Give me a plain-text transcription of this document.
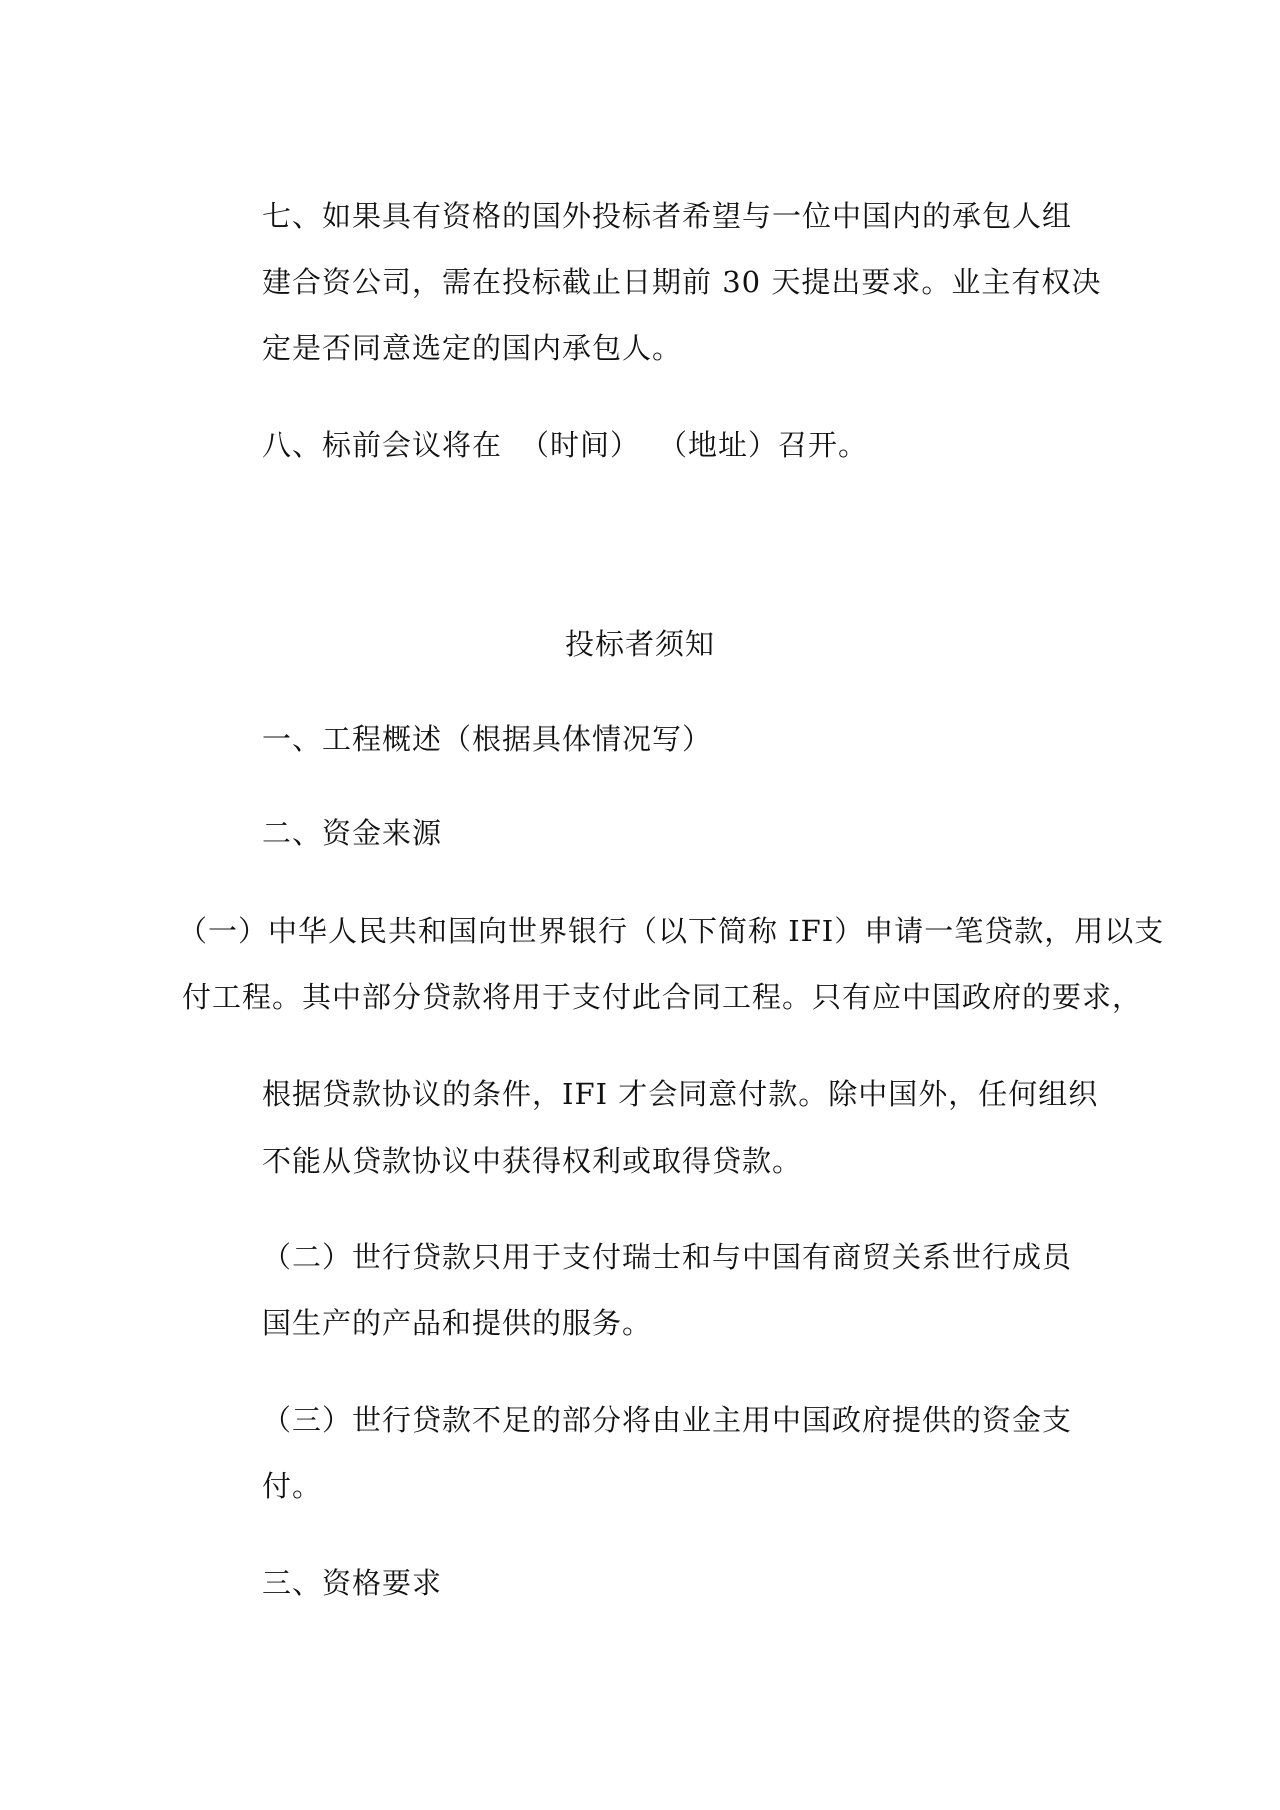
七、如果具有资格的国外投标者希望与一位中国内的承包人组

建合资公司，需在投标截止日期前 30 天提出要求。业主有权决

定是否同意选定的国内承包人。

八、标前会议将在 （时间） （地址）召开。

投标者须知

一、工程概述（根据具体情况写）

二、资金来源

（一）中华人民共和国向世界银行（以下简称 IFI）申请一笔贷款，用以支

付工程。其中部分贷款将用于支付此合同工程。只有应中国政府的要求，

根据贷款协议的条件，IFI 才会同意付款。除中国外，任何组织

不能从贷款协议中获得权利或取得贷款。

（二）世行贷款只用于支付瑞士和与中国有商贸关系世行成员

国生产的产品和提供的服务。

（三）世行贷款不足的部分将由业主用中国政府提供的资金支

付。

三、资格要求
